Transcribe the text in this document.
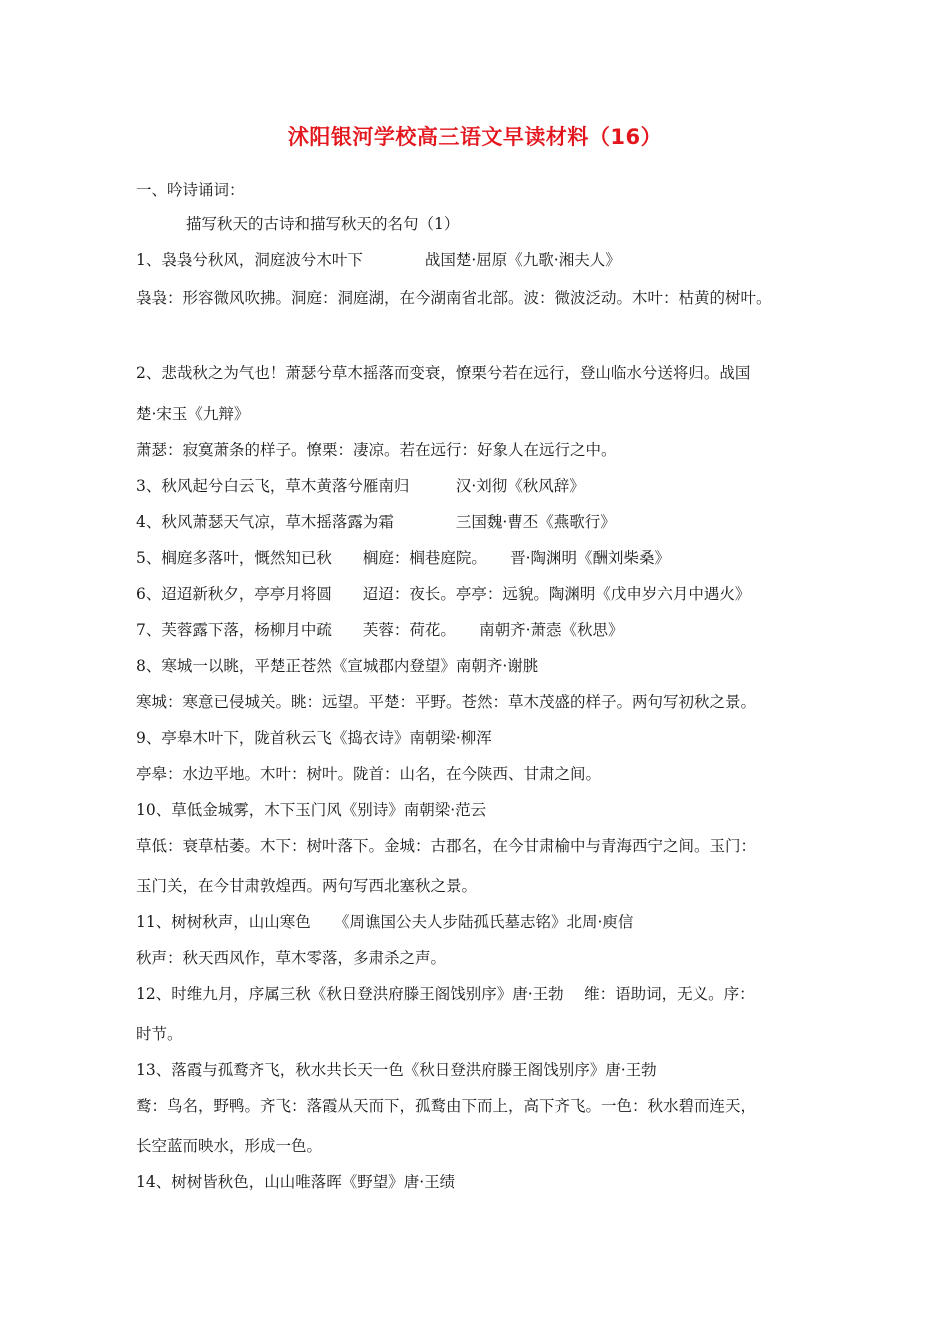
沭阳银河学校高三语文早读材料（16）
一、吟诗诵词：
描写秋天的古诗和描写秋天的名句（1）
1、袅袅兮秋风，洞庭波兮木叶下　　　　战国楚·屈原《九歌·湘夫人》
袅袅：形容微风吹拂。洞庭：洞庭湖，在今湖南省北部。波：微波泛动。木叶：枯黄的树叶。
2、悲哉秋之为气也！萧瑟兮草木摇落而变衰，憭栗兮若在远行，登山临水兮送将归。战国
楚·宋玉《九辩》
萧瑟：寂寞萧条的样子。憭栗：凄凉。若在远行：好象人在远行之中。
3、秋风起兮白云飞，草木黄落兮雁南归　　　汉·刘彻《秋风辞》
4、秋风萧瑟天气凉，草木摇落露为霜　　　　三国魏·曹丕《燕歌行》
5、榈庭多落叶，慨然知已秋　　榈庭：榈巷庭院。　　晋·陶渊明《酬刘柴桑》
6、迢迢新秋夕，亭亭月将圆　　迢迢：夜长。亭亭：远貌。陶渊明《戊申岁六月中遇火》
7、芙蓉露下落，杨柳月中疏　　芙蓉：荷花。　　南朝齐·萧悫《秋思》
8、寒城一以眺，平楚正苍然《宣城郡内登望》南朝齐·谢朓
寒城：寒意已侵城关。眺：远望。平楚：平野。苍然：草木茂盛的样子。两句写初秋之景。
9、亭皋木叶下，陇首秋云飞《捣衣诗》南朝梁·柳浑
亭皋：水边平地。木叶：树叶。陇首：山名，在今陕西、甘肃之间。
10、草低金城雾，木下玉门风《别诗》南朝梁·范云
草低：衰草枯萎。木下：树叶落下。金城：古郡名，在今甘肃榆中与青海西宁之间。玉门：
玉门关，在今甘肃敦煌西。两句写西北塞秋之景。
11、树树秋声，山山寒色　　《周谯国公夫人步陆孤氏墓志铭》北周·庾信
秋声：秋天西风作，草木零落，多肃杀之声。
12、时维九月，序属三秋《秋日登洪府滕王阁饯别序》唐·王勃　 维：语助词，无义。序：
时节。
13、落霞与孤鹜齐飞，秋水共长天一色《秋日登洪府滕王阁饯别序》唐·王勃
鹜：鸟名，野鸭。齐飞：落霞从天而下，孤鹜由下而上，高下齐飞。一色：秋水碧而连天，
长空蓝而映水，形成一色。
14、树树皆秋色，山山唯落晖《野望》唐·王绩
